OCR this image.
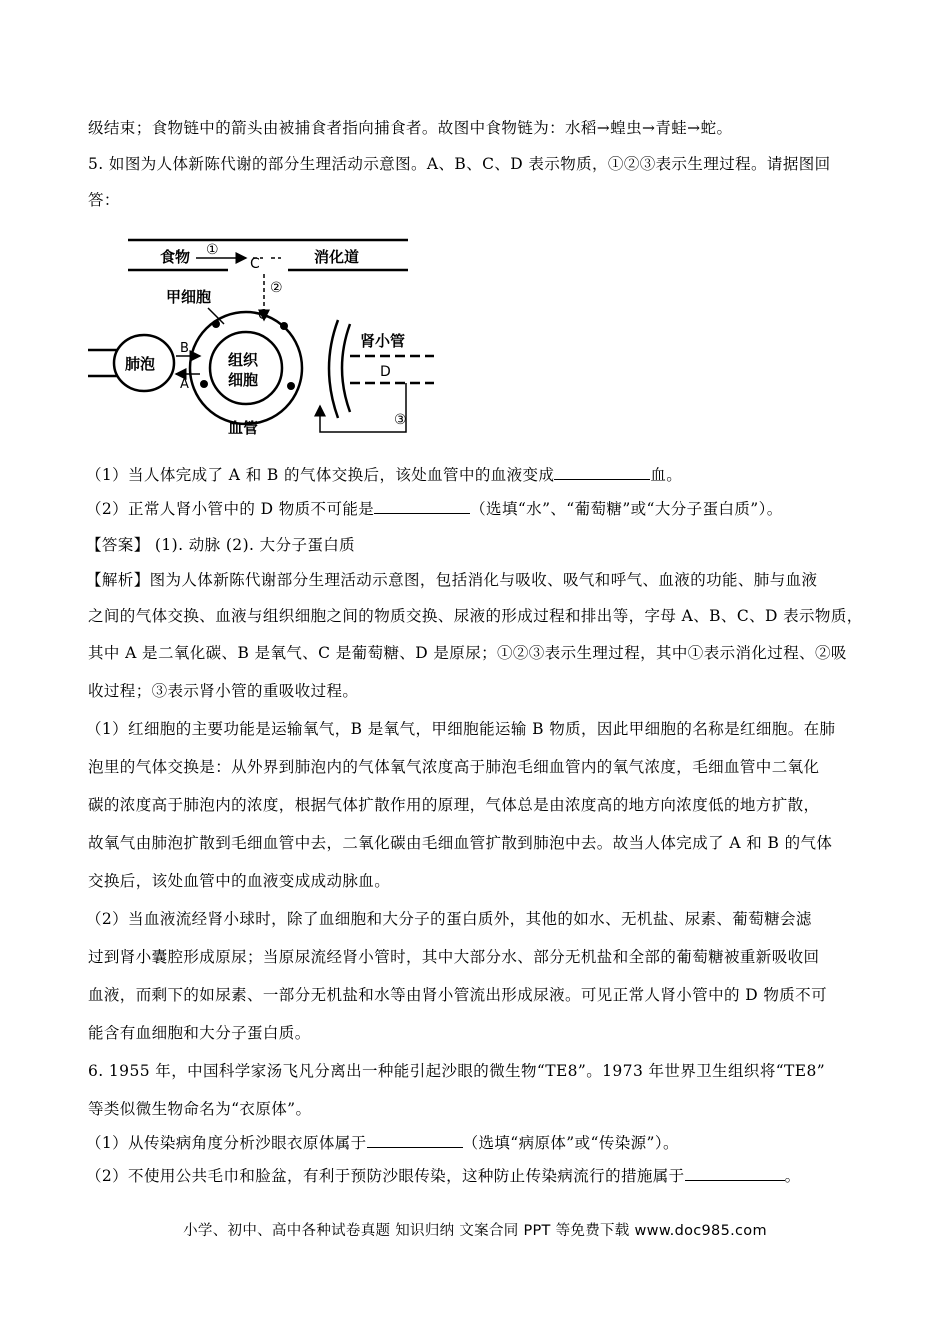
级结束；食物链中的箭头由被捕食者指向捕食者。故图中食物链为：水稻→蝗虫→青蛙→蛇。
5. 如图为人体新陈代谢的部分生理活动示意图。A、B、C、D 表示物质，①②③表示生理过程。请据图回
答：
食物 ①
C	消化道
②
C
甲细胞
组织
细胞
血管
肺泡
B
A
肾小管
D
③
（1）当人体完成了 A 和 B 的气体交换后，该处血管中的血液变成	血。
（2）正常人肾小管中的 D 物质不可能是	（选填“水”、“葡萄糖”或“大分子蛋白质”）。
【答案】 (1). 动脉 (2). 大分子蛋白质
【解析】图为人体新陈代谢部分生理活动示意图，包括消化与吸收、吸气和呼气、血液的功能、肺与血液
之间的气体交换、血液与组织细胞之间的物质交换、尿液的形成过程和排出等，字母 A、B、C、D 表示物质，
其中 A 是二氧化碳、B 是氧气、C 是葡萄糖、D 是原尿；①②③表示生理过程，其中①表示消化过程、②吸
收过程；③表示肾小管的重吸收过程。
（1）红细胞的主要功能是运输氧气，B 是氧气，甲细胞能运输 B 物质，因此甲细胞的名称是红细胞。在肺
泡里的气体交换是：从外界到肺泡内的气体氧气浓度高于肺泡毛细血管内的氧气浓度，毛细血管中二氧化
碳的浓度高于肺泡内的浓度，根据气体扩散作用的原理，气体总是由浓度高的地方向浓度低的地方扩散，
故氧气由肺泡扩散到毛细血管中去，二氧化碳由毛细血管扩散到肺泡中去。故当人体完成了 A 和 B 的气体
交换后，该处血管中的血液变成成动脉血。
（2）当血液流经肾小球时，除了血细胞和大分子的蛋白质外，其他的如水、无机盐、尿素、葡萄糖会滤
过到肾小囊腔形成原尿；当原尿流经肾小管时，其中大部分水、部分无机盐和全部的葡萄糖被重新吸收回
血液，而剩下的如尿素、一部分无机盐和水等由肾小管流出形成尿液。可见正常人肾小管中的 D 物质不可
能含有血细胞和大分子蛋白质。
6. 1955 年，中国科学家汤飞凡分离出一种能引起沙眼的微生物“TE8”。1973 年世界卫生组织将“TE8”
等类似微生物命名为“衣原体”。
（1）从传染病角度分析沙眼衣原体属于	（选填“病原体”或“传染源”）。
（2）不使用公共毛巾和脸盆，有利于预防沙眼传染，这种防止传染病流行的措施属于	。
小学、初中、高中各种试卷真题 知识归纳 文案合同 PPT 等免费下载 www.doc985.com
